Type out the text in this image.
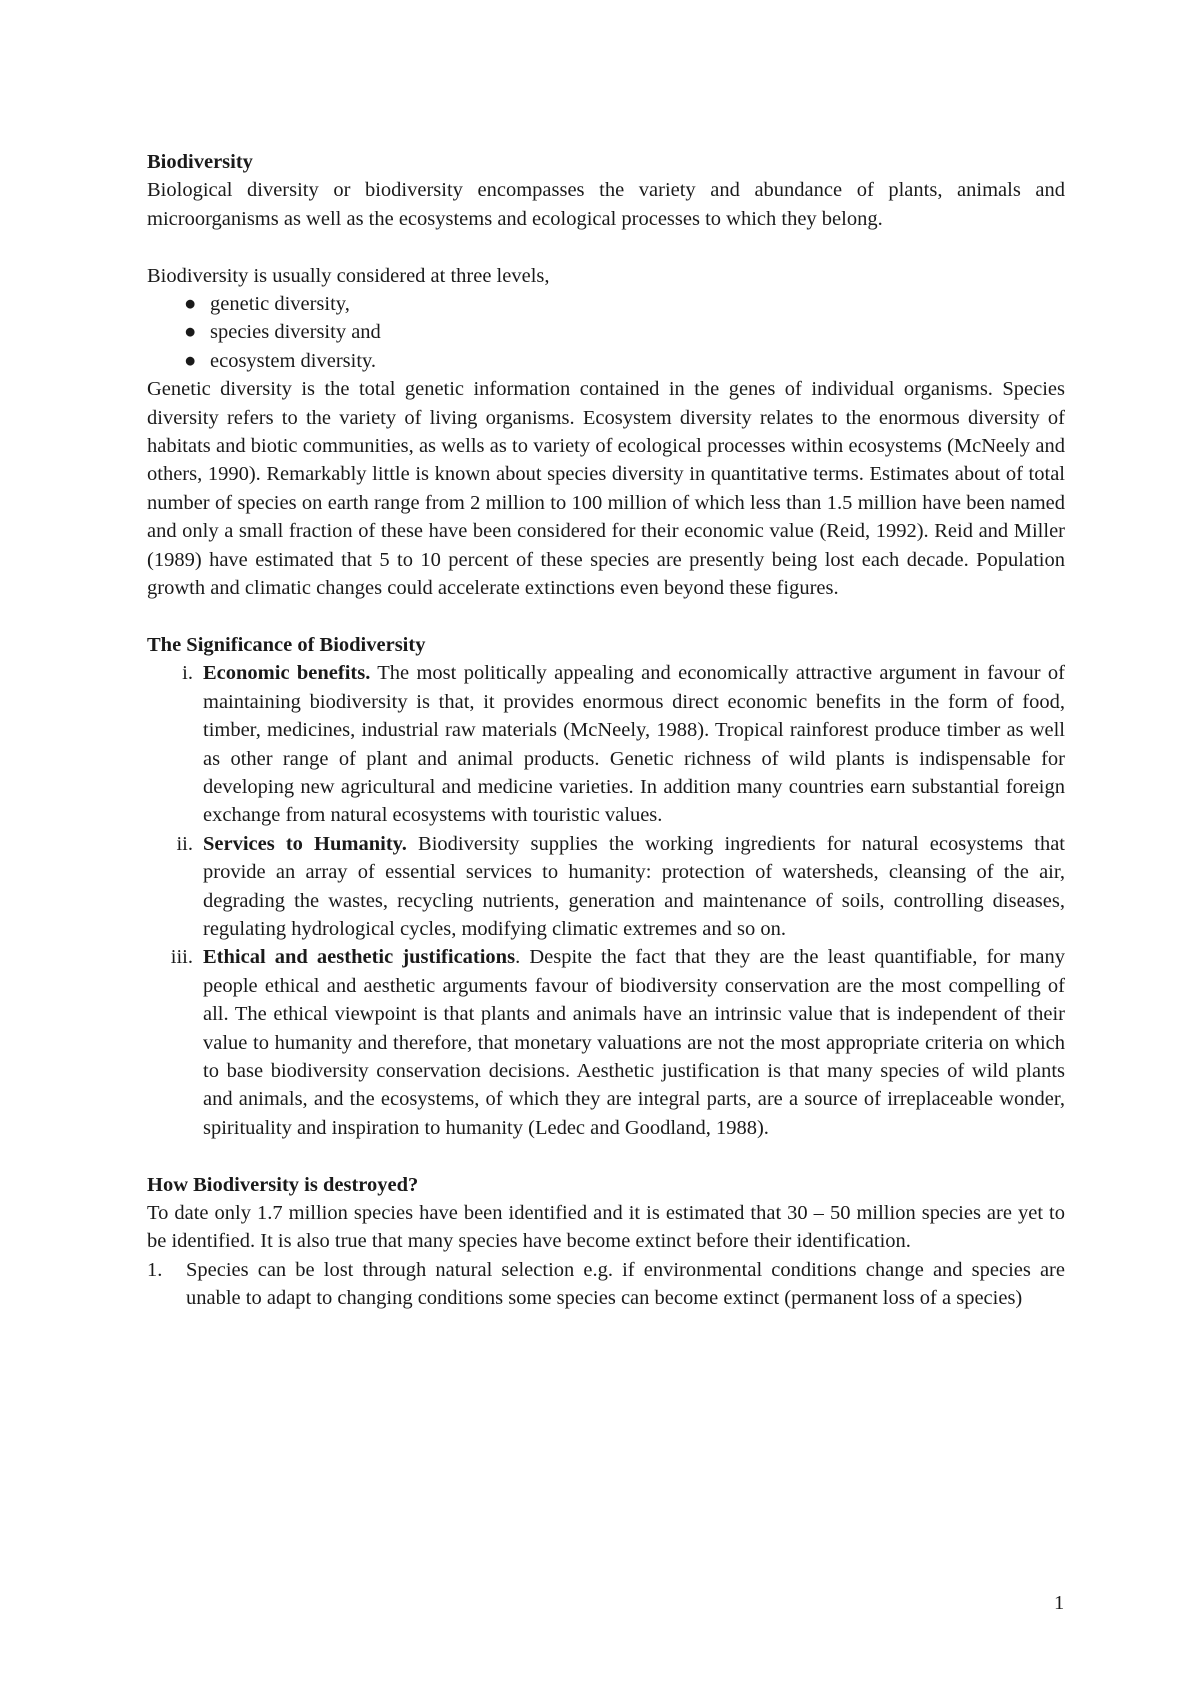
Biodiversity

Biological diversity or biodiversity encompasses the variety and abundance of plants, animals and microorganisms as well as the ecosystems and ecological processes to which they belong.

Biodiversity is usually considered at three levels,

● genetic diversity,
● species diversity and
● ecosystem diversity.

Genetic diversity is the total genetic information contained in the genes of individual organisms. Species diversity refers to the variety of living organisms. Ecosystem diversity relates to the enormous diversity of habitats and biotic communities, as wells as to variety of ecological processes within ecosystems (McNeely and others, 1990). Remarkably little is known about species diversity in quantitative terms. Estimates about of total number of species on earth range from 2 million to 100 million of which less than 1.5 million have been named and only a small fraction of these have been considered for their economic value (Reid, 1992). Reid and Miller (1989) have estimated that 5 to 10 percent of these species are presently being lost each decade. Population growth and climatic changes could accelerate extinctions even beyond these figures.

The Significance of Biodiversity
i. Economic benefits. The most politically appealing and economically attractive argument in favour of maintaining biodiversity is that, it provides enormous direct economic benefits in the form of food, timber, medicines, industrial raw materials (McNeely, 1988). Tropical rainforest produce timber as well as other range of plant and animal products. Genetic richness of wild plants is indispensable for developing new agricultural and medicine varieties. In addition many countries earn substantial foreign exchange from natural ecosystems with touristic values.
ii. Services to Humanity. Biodiversity supplies the working ingredients for natural ecosystems that provide an array of essential services to humanity: protection of watersheds, cleansing of the air, degrading the wastes, recycling nutrients, generation and maintenance of soils, controlling diseases, regulating hydrological cycles, modifying climatic extremes and so on.
iii. Ethical and aesthetic justifications. Despite the fact that they are the least quantifiable, for many people ethical and aesthetic arguments favour of biodiversity conservation are the most compelling of all. The ethical viewpoint is that plants and animals have an intrinsic value that is independent of their value to humanity and therefore, that monetary valuations are not the most appropriate criteria on which to base biodiversity conservation decisions. Aesthetic justification is that many species of wild plants and animals, and the ecosystems, of which they are integral parts, are a source of irreplaceable wonder, spirituality and inspiration to humanity (Ledec and Goodland, 1988).
How Biodiversity is destroyed?

To date only 1.7 million species have been identified and it is estimated that 30 – 50 million species are yet to be identified. It is also true that many species have become extinct before their identification.

1. Species can be lost through natural selection e.g. if environmental conditions change and species are unable to adapt to changing conditions some species can become extinct (permanent loss of a species)
1
